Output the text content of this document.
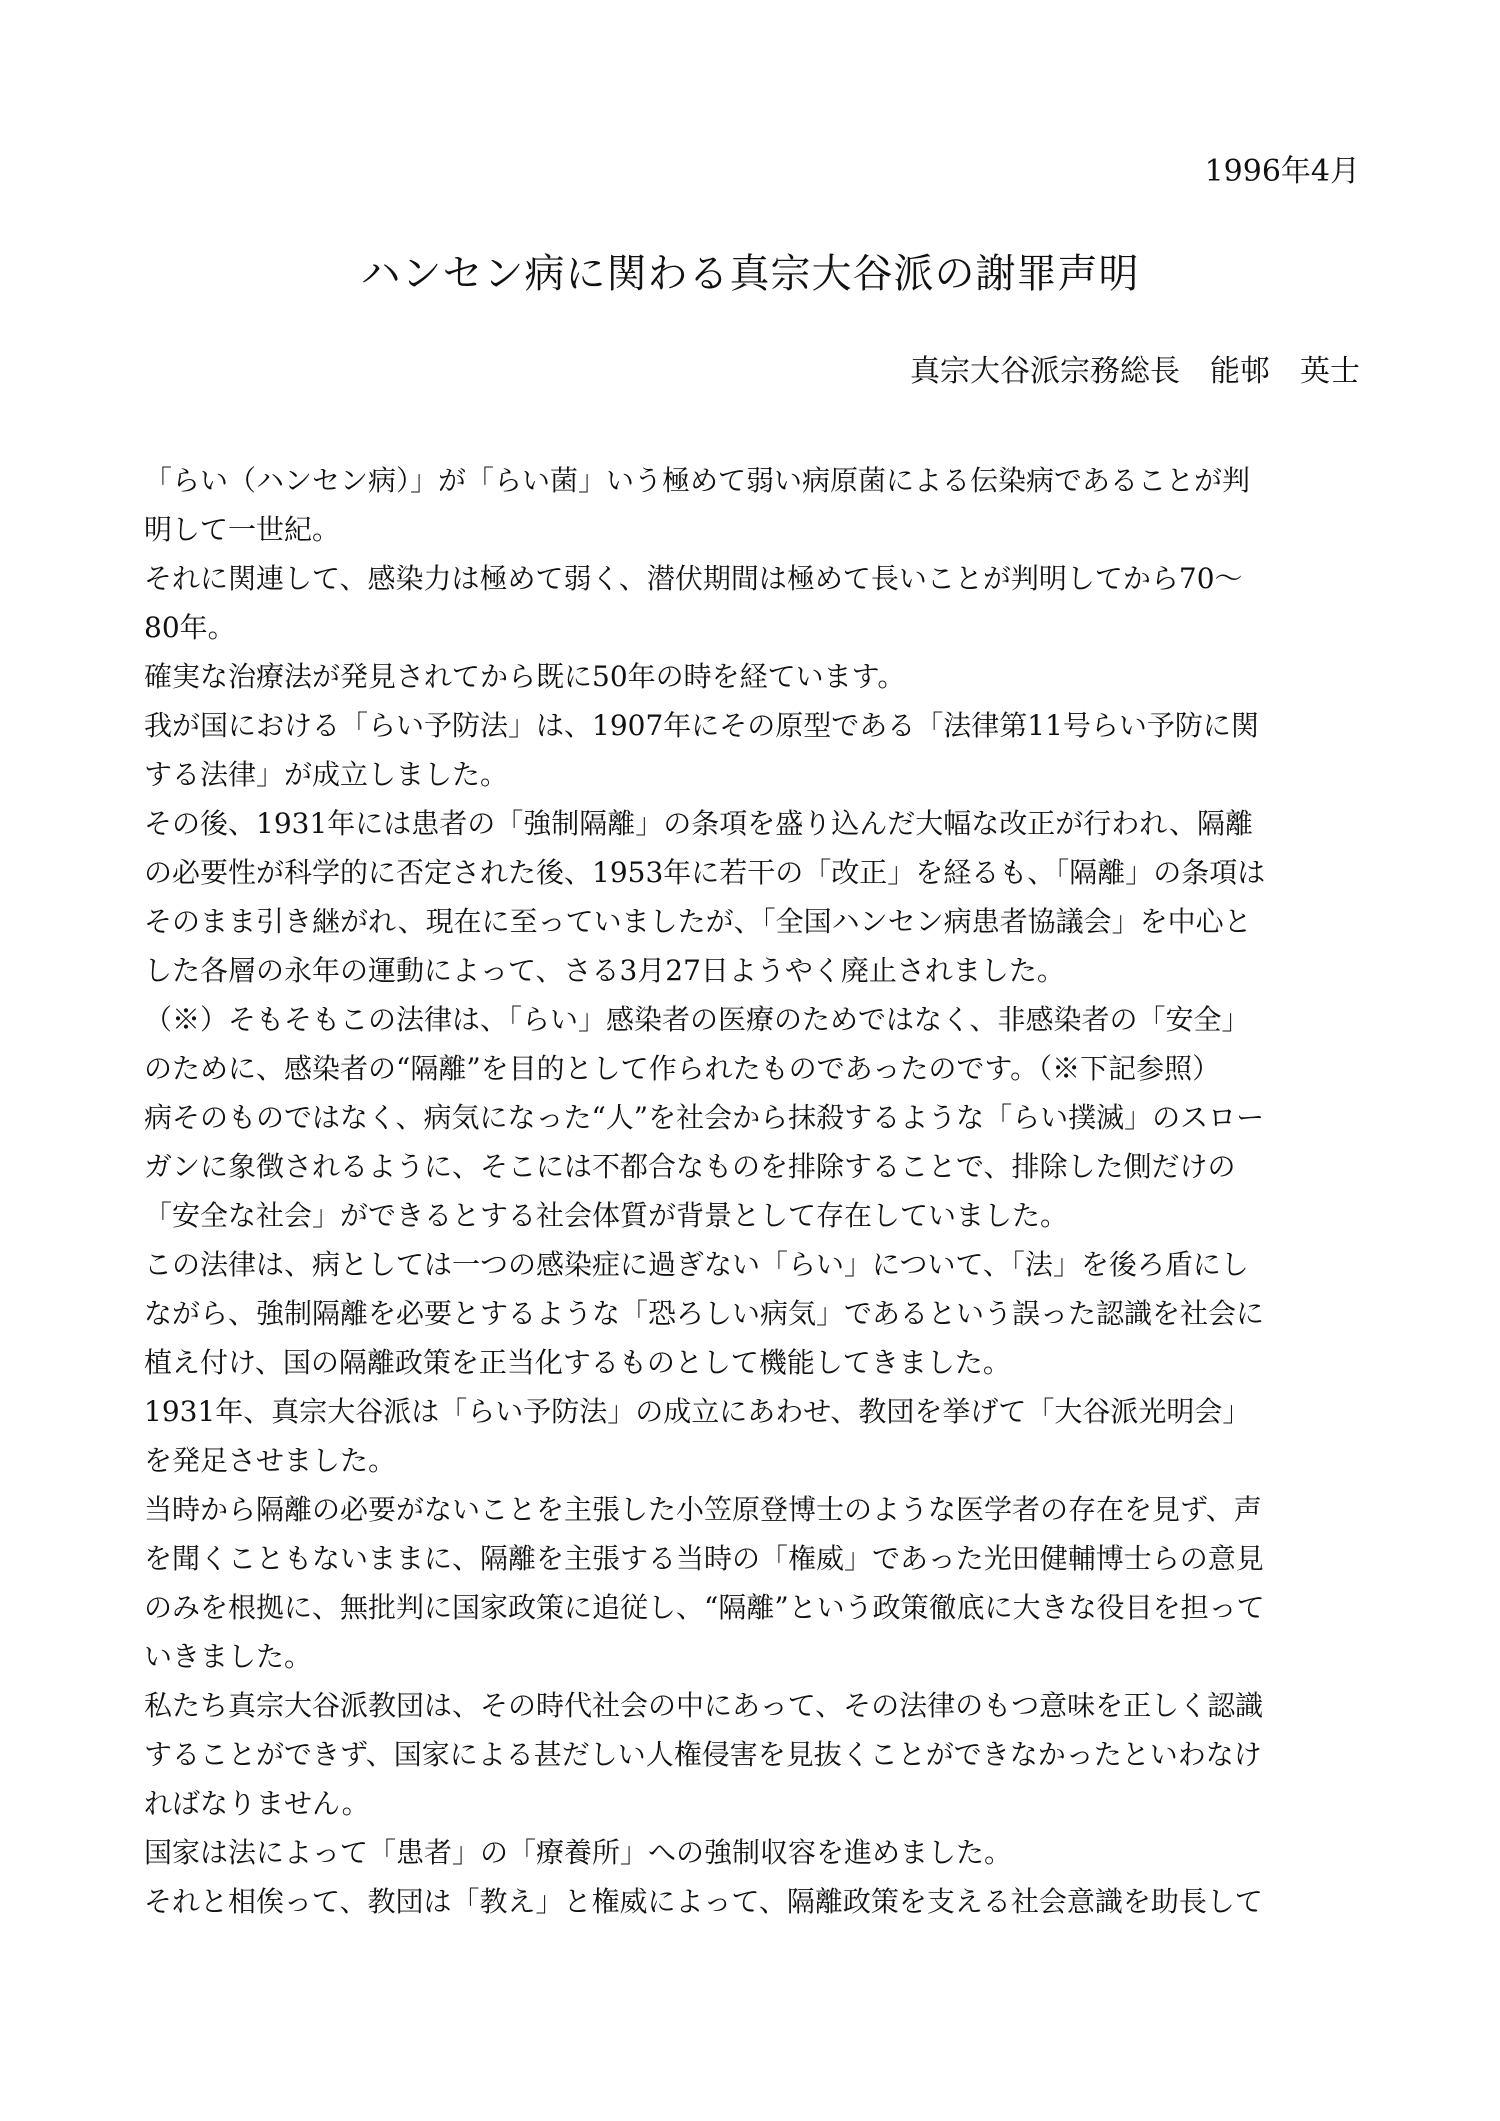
1996年4月
ハンセン病に関わる真宗大谷派の謝罪声明
真宗大谷派宗務総長　能邨　英士
「らい（ハンセン病）」が「らい菌」いう極めて弱い病原菌による伝染病であることが判
明して一世紀。
それに関連して、感染力は極めて弱く、潜伏期間は極めて長いことが判明してから70～
80年。
確実な治療法が発見されてから既に50年の時を経ています。
我が国における「らい予防法」は、1907年にその原型である「法律第11号らい予防に関
する法律」が成立しました。
その後、1931年には患者の「強制隔離」の条項を盛り込んだ大幅な改正が行われ、隔離
の必要性が科学的に否定された後、1953年に若干の「改正」を経るも、「隔離」の条項は
そのまま引き継がれ、現在に至っていましたが、「全国ハンセン病患者協議会」を中心と
した各層の永年の運動によって、さる3月27日ようやく廃止されました。
（※）そもそもこの法律は、「らい」感染者の医療のためではなく、非感染者の「安全」
のために、感染者の“隔離”を目的として作られたものであったのです。（※下記参照）
病そのものではなく、病気になった“人”を社会から抹殺するような「らい撲滅」のスロー
ガンに象徴されるように、そこには不都合なものを排除することで、排除した側だけの
「安全な社会」ができるとする社会体質が背景として存在していました。
この法律は、病としては一つの感染症に過ぎない「らい」について、「法」を後ろ盾にし
ながら、強制隔離を必要とするような「恐ろしい病気」であるという誤った認識を社会に
植え付け、国の隔離政策を正当化するものとして機能してきました。
1931年、真宗大谷派は「らい予防法」の成立にあわせ、教団を挙げて「大谷派光明会」
を発足させました。
当時から隔離の必要がないことを主張した小笠原登博士のような医学者の存在を見ず、声
を聞くこともないままに、隔離を主張する当時の「権威」であった光田健輔博士らの意見
のみを根拠に、無批判に国家政策に追従し、“隔離”という政策徹底に大きな役目を担って
いきました。
私たち真宗大谷派教団は、その時代社会の中にあって、その法律のもつ意味を正しく認識
することができず、国家による甚だしい人権侵害を見抜くことができなかったといわなけ
ればなりません。
国家は法によって「患者」の「療養所」への強制収容を進めました。
それと相俟って、教団は「教え」と権威によって、隔離政策を支える社会意識を助長して
